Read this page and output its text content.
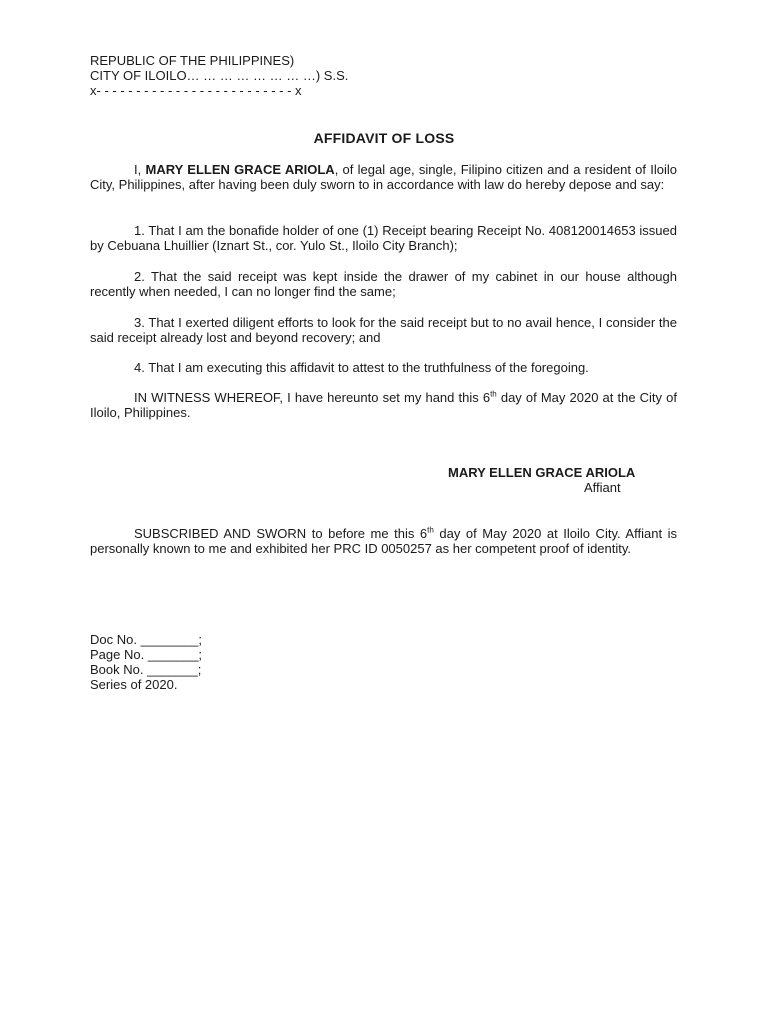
REPUBLIC OF THE PHILIPPINES)
CITY OF ILOILO… … … … … … … …) S.S.
x- - - - - - - - - - - - - - - - - - - - - - - - - x
AFFIDAVIT OF LOSS
I, MARY ELLEN GRACE ARIOLA, of legal age, single, Filipino citizen and a resident of Iloilo City, Philippines, after having been duly sworn to in accordance with law do hereby depose and say:
1. That I am the bonafide holder of one (1) Receipt bearing Receipt No. 408120014653 issued by Cebuana Lhuillier (Iznart St., cor. Yulo St., Iloilo City Branch);
2. That the said receipt was kept inside the drawer of my cabinet in our house although recently when needed, I can no longer find the same;
3. That I exerted diligent efforts to look for the said receipt but to no avail hence, I consider the said receipt already lost and beyond recovery; and
4. That I am executing this affidavit to attest to the truthfulness of the foregoing.
IN WITNESS WHEREOF, I have hereunto set my hand this 6th day of May 2020 at the City of Iloilo, Philippines.
MARY ELLEN GRACE ARIOLA
Affiant
SUBSCRIBED AND SWORN to before me this 6th day of May 2020 at Iloilo City. Affiant is personally known to me and exhibited her PRC ID 0050257 as her competent proof of identity.
Doc No. ________;
Page No. _______;
Book No. _______;
Series of 2020.
